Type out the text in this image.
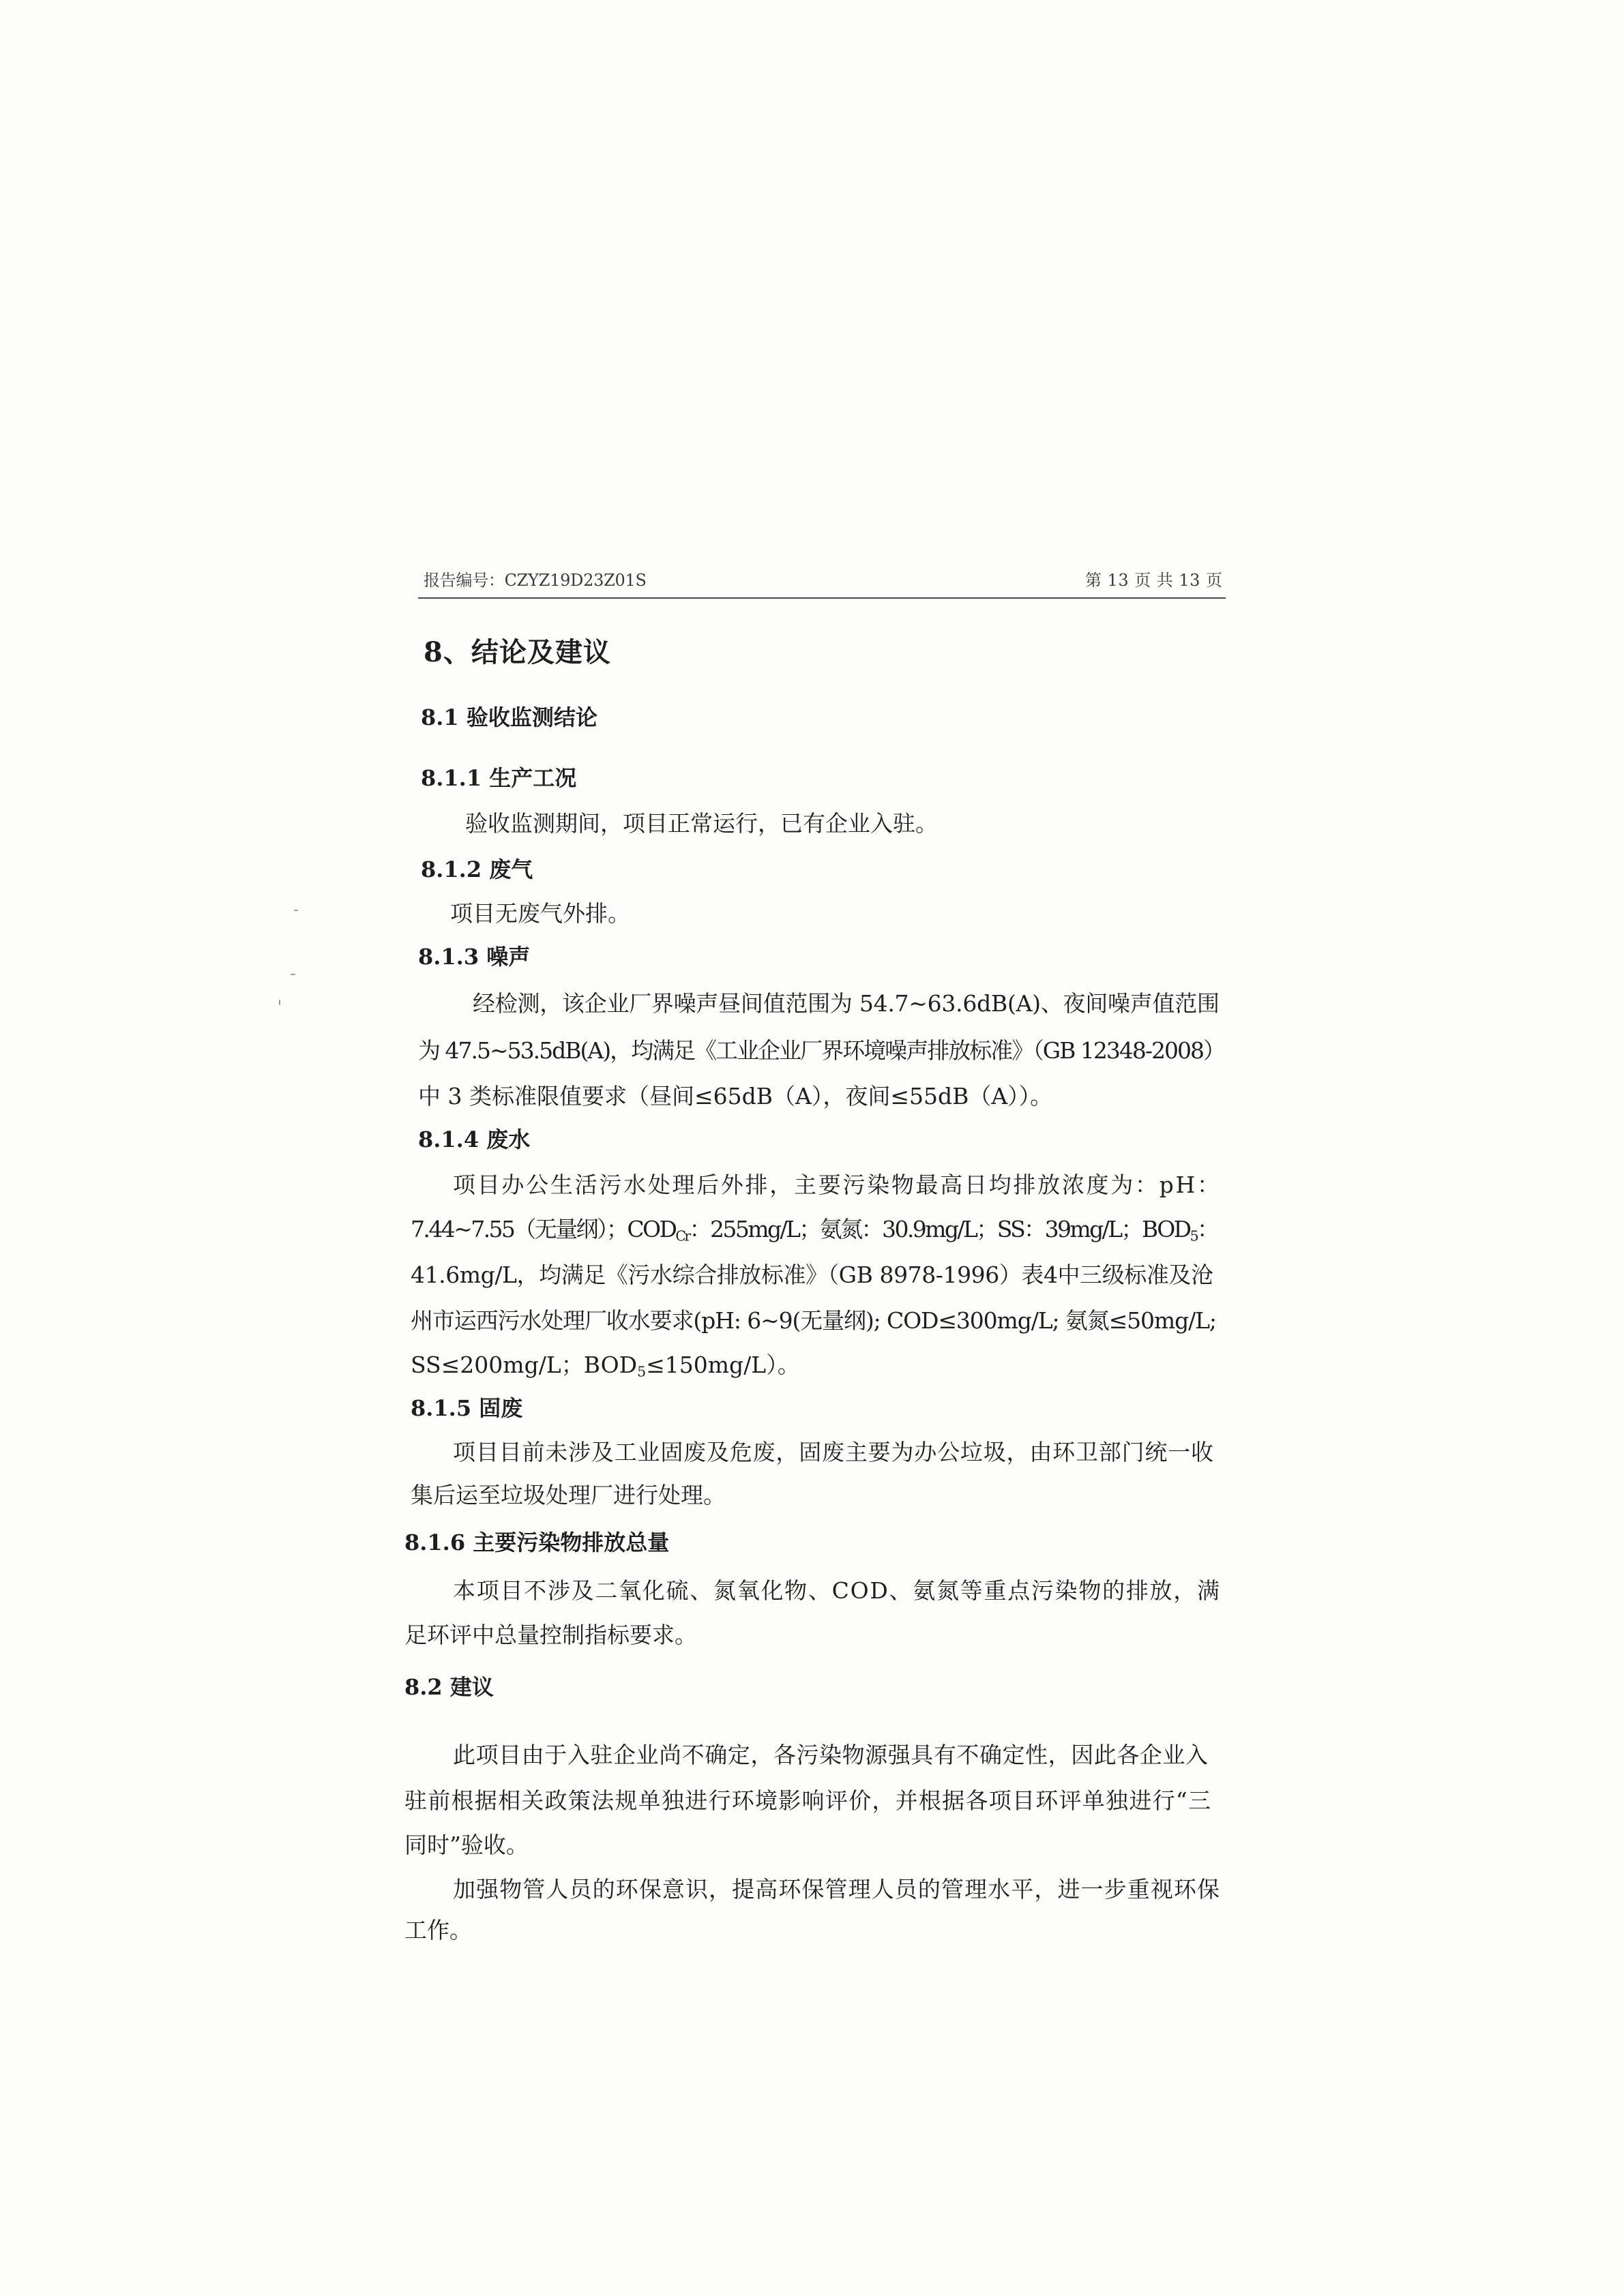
报告编号：CZYZ19D23Z01S	第 13 页 共 13 页
8、结论及建议
8.1 验收监测结论
8.1.1 生产工况
验收监测期间，项目正常运行，已有企业入驻。
8.1.2 废气
项目无废气外排。
8.1.3 噪声
经检测，该企业厂界噪声昼间值范围为 54.7~63.6dB(A)、夜间噪声值范围
为 47.5~53.5dB(A)，均满足《工业企业厂界环境噪声排放标准》（GB 12348-2008）
中 3 类标准限值要求（昼间≤65dB（A），夜间≤55dB（A））。
8.1.4 废水
项目办公生活污水处理后外排，主要污染物最高日均排放浓度为：pH：
7.44~7.55（无量纲）；$COD_{Cr}$：255mg/L；氨氮：30.9mg/L；SS：39mg/L；$BOD_5$：
41.6mg/L，均满足《污水综合排放标准》（GB 8978-1996）表4中三级标准及沧
州市运西污水处理厂收水要求(pH: 6~9(无量纲); COD≤300mg/L; 氨氮≤50mg/L;
SS≤200mg/L；$BOD_5\le 150mg/L$）。
8.1.5 固废
项目目前未涉及工业固废及危废，固废主要为办公垃圾，由环卫部门统一收
集后运至垃圾处理厂进行处理。
8.1.6 主要污染物排放总量
本项目不涉及二氧化硫、氮氧化物、COD、氨氮等重点污染物的排放，满
足环评中总量控制指标要求。
8.2 建议
此项目由于入驻企业尚不确定，各污染物源强具有不确定性，因此各企业入
驻前根据相关政策法规单独进行环境影响评价，并根据各项目环评单独进行“三
同时”验收。
加强物管人员的环保意识，提高环保管理人员的管理水平，进一步重视环保
工作。
